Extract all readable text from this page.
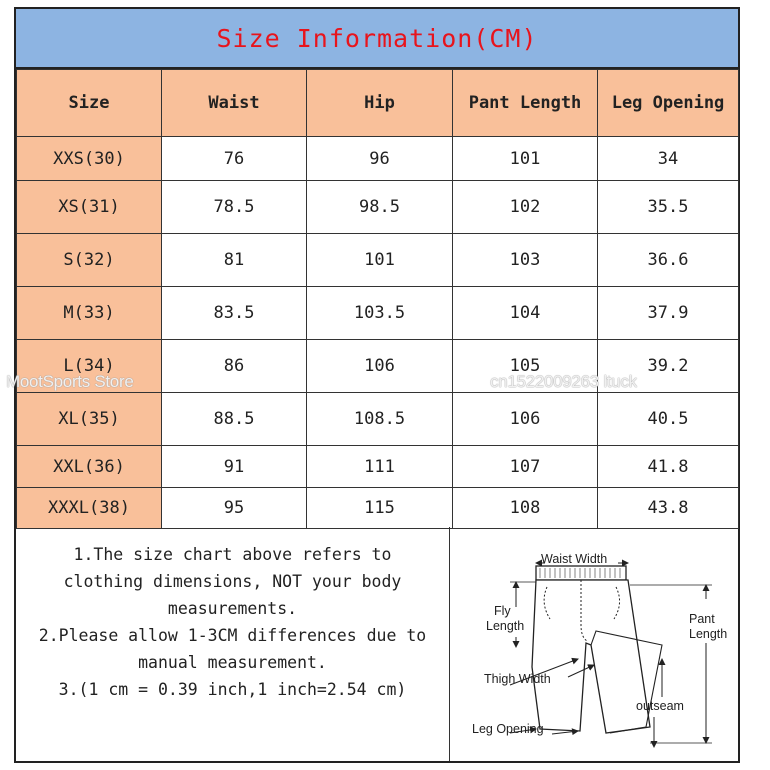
Size Information(CM)
Size	Waist	Hip	Pant Length	Leg Opening
XXS(30)	76	96	101	34
XS(31)	78.5	98.5	102	35.5
S(32)	81	101	103	36.6
M(33)	83.5	103.5	104	37.9
L(34)	86	106	105	39.2
XL(35)	88.5	108.5	106	40.5
XXL(36)	91	111	107	41.8
XXXL(38)	95	115	108	43.8

1.The size chart above refers to clothing dimensions, NOT your body measurements.

2.Please allow 1-3CM differences due to manual measurement.

3.(1 cm = 0.39 inch,1 inch=2.54 cm)

Waist Width
Fly
Length	Pant
Length
Thigh Width
outseam
Leg Opening
MootSports Store	cn1522009263 ltuck
